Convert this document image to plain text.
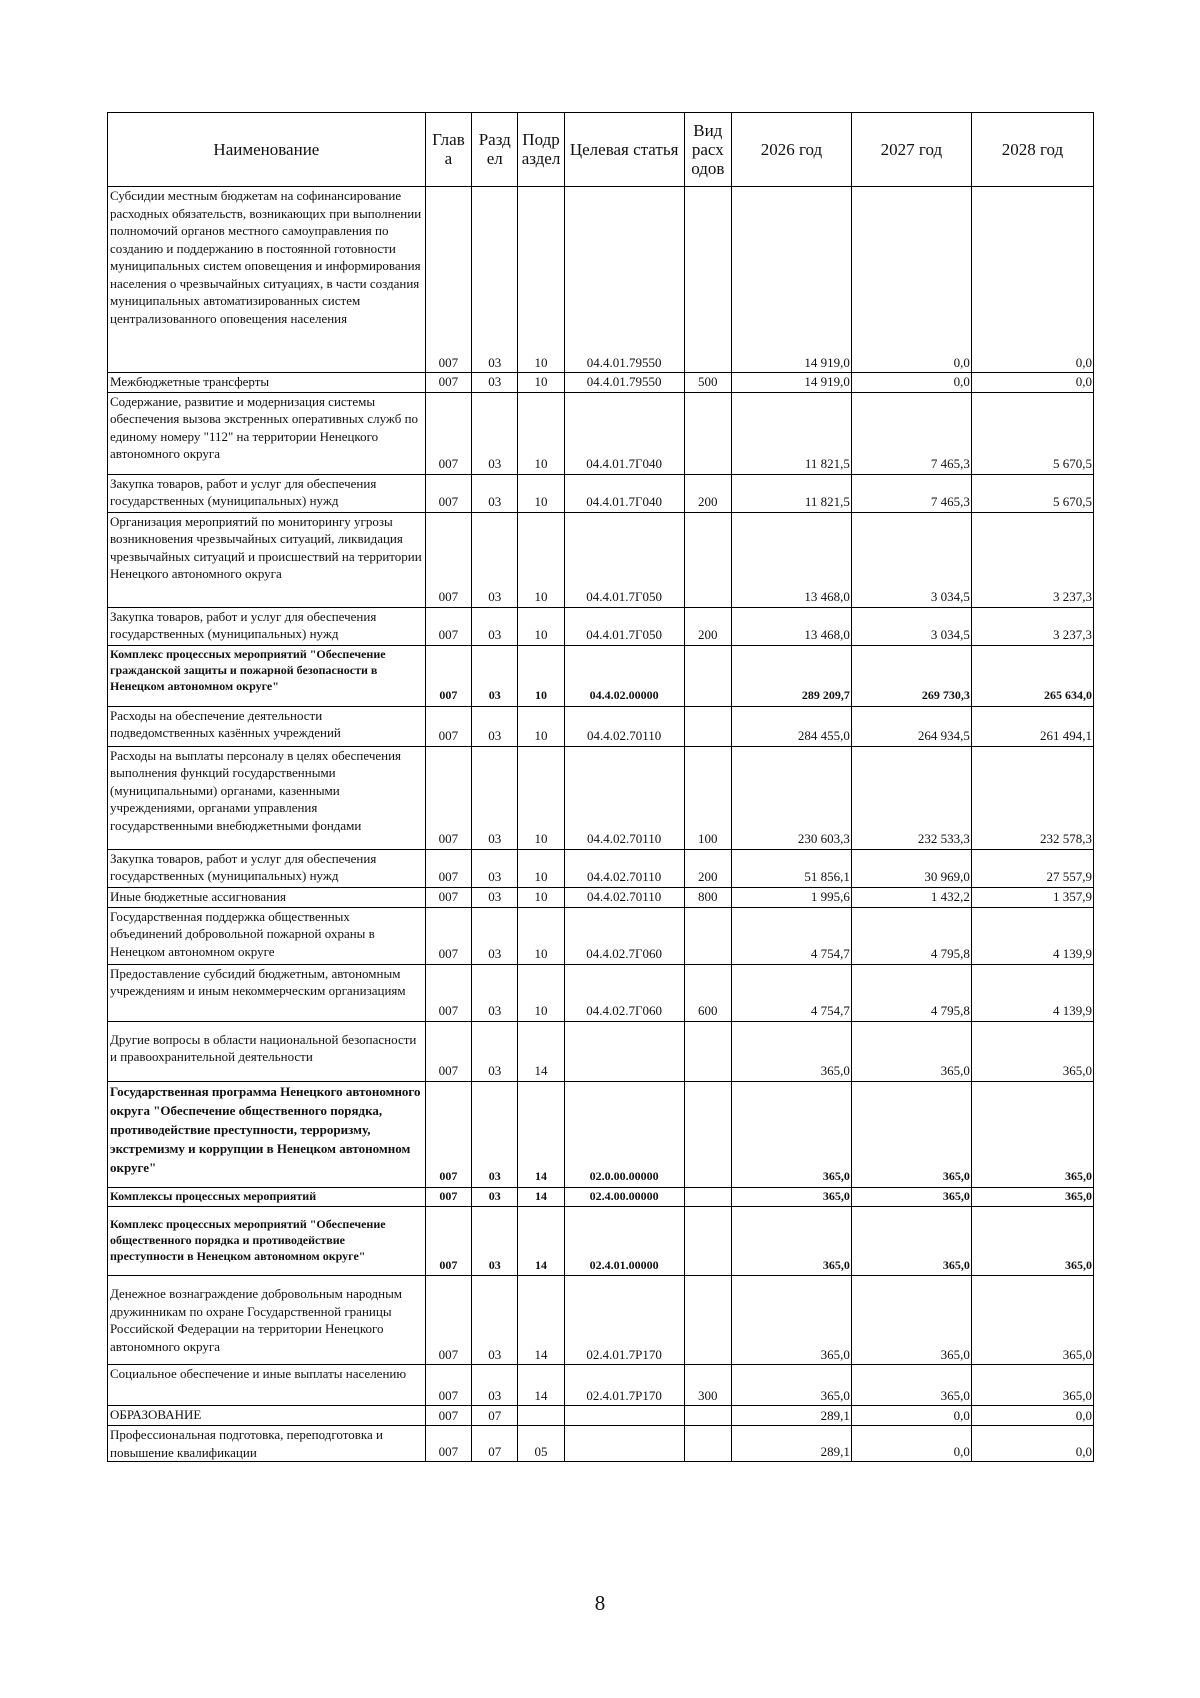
Наименование	Глав а	Разд ел	Подр аздел	Целевая статья	Вид расх одов	2026 год	2027 год	2028 год
Субсидии местным бюджетам на софинансирование расходных обязательств, возникающих при выполнении полномочий органов местного самоуправления по созданию и поддержанию в постоянной готовности муниципальных систем оповещения и информирования населения о чрезвычайных ситуациях, в части создания муниципальных автоматизированных систем централизованного оповещения населения	007	03	10	04.4.01.79550		14 919,0	0,0	0,0
Межбюджетные трансферты	007	03	10	04.4.01.79550	500	14 919,0	0,0	0,0
Содержание, развитие и модернизация системы обеспечения вызова экстренных оперативных служб по единому номеру "112" на территории Ненецкого автономного округа	007	03	10	04.4.01.7Г040		11 821,5	7 465,3	5 670,5
Закупка товаров, работ и услуг для обеспечения государственных (муниципальных) нужд	007	03	10	04.4.01.7Г040	200	11 821,5	7 465,3	5 670,5
Организация мероприятий по мониторингу угрозы возникновения чрезвычайных ситуаций, ликвидация чрезвычайных ситуаций и происшествий на территории Ненецкого автономного округа	007	03	10	04.4.01.7Г050		13 468,0	3 034,5	3 237,3
Закупка товаров, работ и услуг для обеспечения государственных (муниципальных) нужд	007	03	10	04.4.01.7Г050	200	13 468,0	3 034,5	3 237,3
Комплекс процессных мероприятий "Обеспечение гражданской защиты и пожарной безопасности в Ненецком автономном округе"	007	03	10	04.4.02.00000		289 209,7	269 730,3	265 634,0
Расходы на обеспечение деятельности подведомственных казённых учреждений	007	03	10	04.4.02.70110		284 455,0	264 934,5	261 494,1
Расходы на выплаты персоналу в целях обеспечения выполнения функций государственными (муниципальными) органами, казенными учреждениями, органами управления государственными внебюджетными фондами	007	03	10	04.4.02.70110	100	230 603,3	232 533,3	232 578,3
Закупка товаров, работ и услуг для обеспечения государственных (муниципальных) нужд	007	03	10	04.4.02.70110	200	51 856,1	30 969,0	27 557,9
Иные бюджетные ассигнования	007	03	10	04.4.02.70110	800	1 995,6	1 432,2	1 357,9
Государственная поддержка общественных объединений добровольной пожарной охраны в Ненецком автономном округе	007	03	10	04.4.02.7Г060		4 754,7	4 795,8	4 139,9
Предоставление субсидий бюджетным, автономным учреждениям и иным некоммерческим организациям	007	03	10	04.4.02.7Г060	600	4 754,7	4 795,8	4 139,9
Другие вопросы в области национальной безопасности и правоохранительной деятельности	007	03	14			365,0	365,0	365,0
Государственная программа Ненецкого автономного округа "Обеспечение общественного порядка, противодействие преступности, терроризму, экстремизму и коррупции в Ненецком автономном округе"	007	03	14	02.0.00.00000		365,0	365,0	365,0
Комплексы процессных мероприятий	007	03	14	02.4.00.00000		365,0	365,0	365,0
Комплекс процессных мероприятий "Обеспечение общественного порядка и противодействие преступности в Ненецком автономном округе"	007	03	14	02.4.01.00000		365,0	365,0	365,0
Денежное вознаграждение добровольным народным дружинникам по охране Государственной границы Российской Федерации на территории Ненецкого автономного округа	007	03	14	02.4.01.7Р170		365,0	365,0	365,0
Социальное обеспечение и иные выплаты населению	007	03	14	02.4.01.7Р170	300	365,0	365,0	365,0
ОБРАЗОВАНИЕ	007	07				289,1	0,0	0,0
Профессиональная подготовка, переподготовка и повышение квалификации	007	07	05			289,1	0,0	0,0
8
